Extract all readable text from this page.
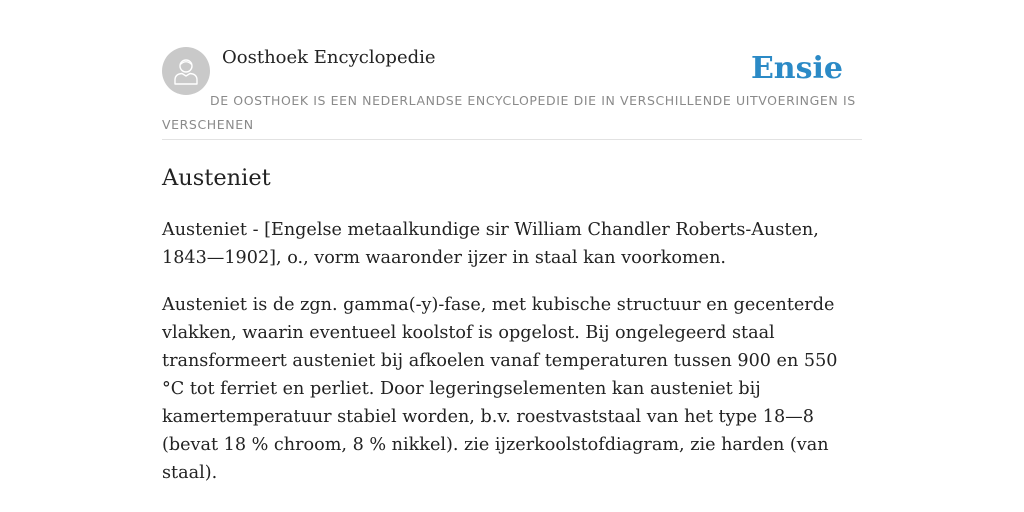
Oosthoek Encyclopedie	Ensie
DE OOSTHOEK IS EEN NEDERLANDSE ENCYCLOPEDIE DIE IN VERSCHILLENDE UITVOERINGEN IS VERSCHENEN
Austeniet

Austeniet - [Engelse metaalkundige sir William Chandler Roberts-Austen, 1843—1902], o., vorm waaronder ijzer in staal kan voorkomen.

Austeniet is de zgn. gamma(-y)-fase, met kubische structuur en gecenterde vlakken, waarin eventueel koolstof is opgelost. Bij ongelegeerd staal transformeert austeniet bij afkoelen vanaf temperaturen tussen 900 en 550 °C tot ferriet en perliet. Door legeringselementen kan austeniet bij kamertemperatuur stabiel worden, b.v. roestvaststaal van het type 18—8 (bevat 18 % chroom, 8 % nikkel). zie ijzerkoolstofdiagram, zie harden (van staal).
